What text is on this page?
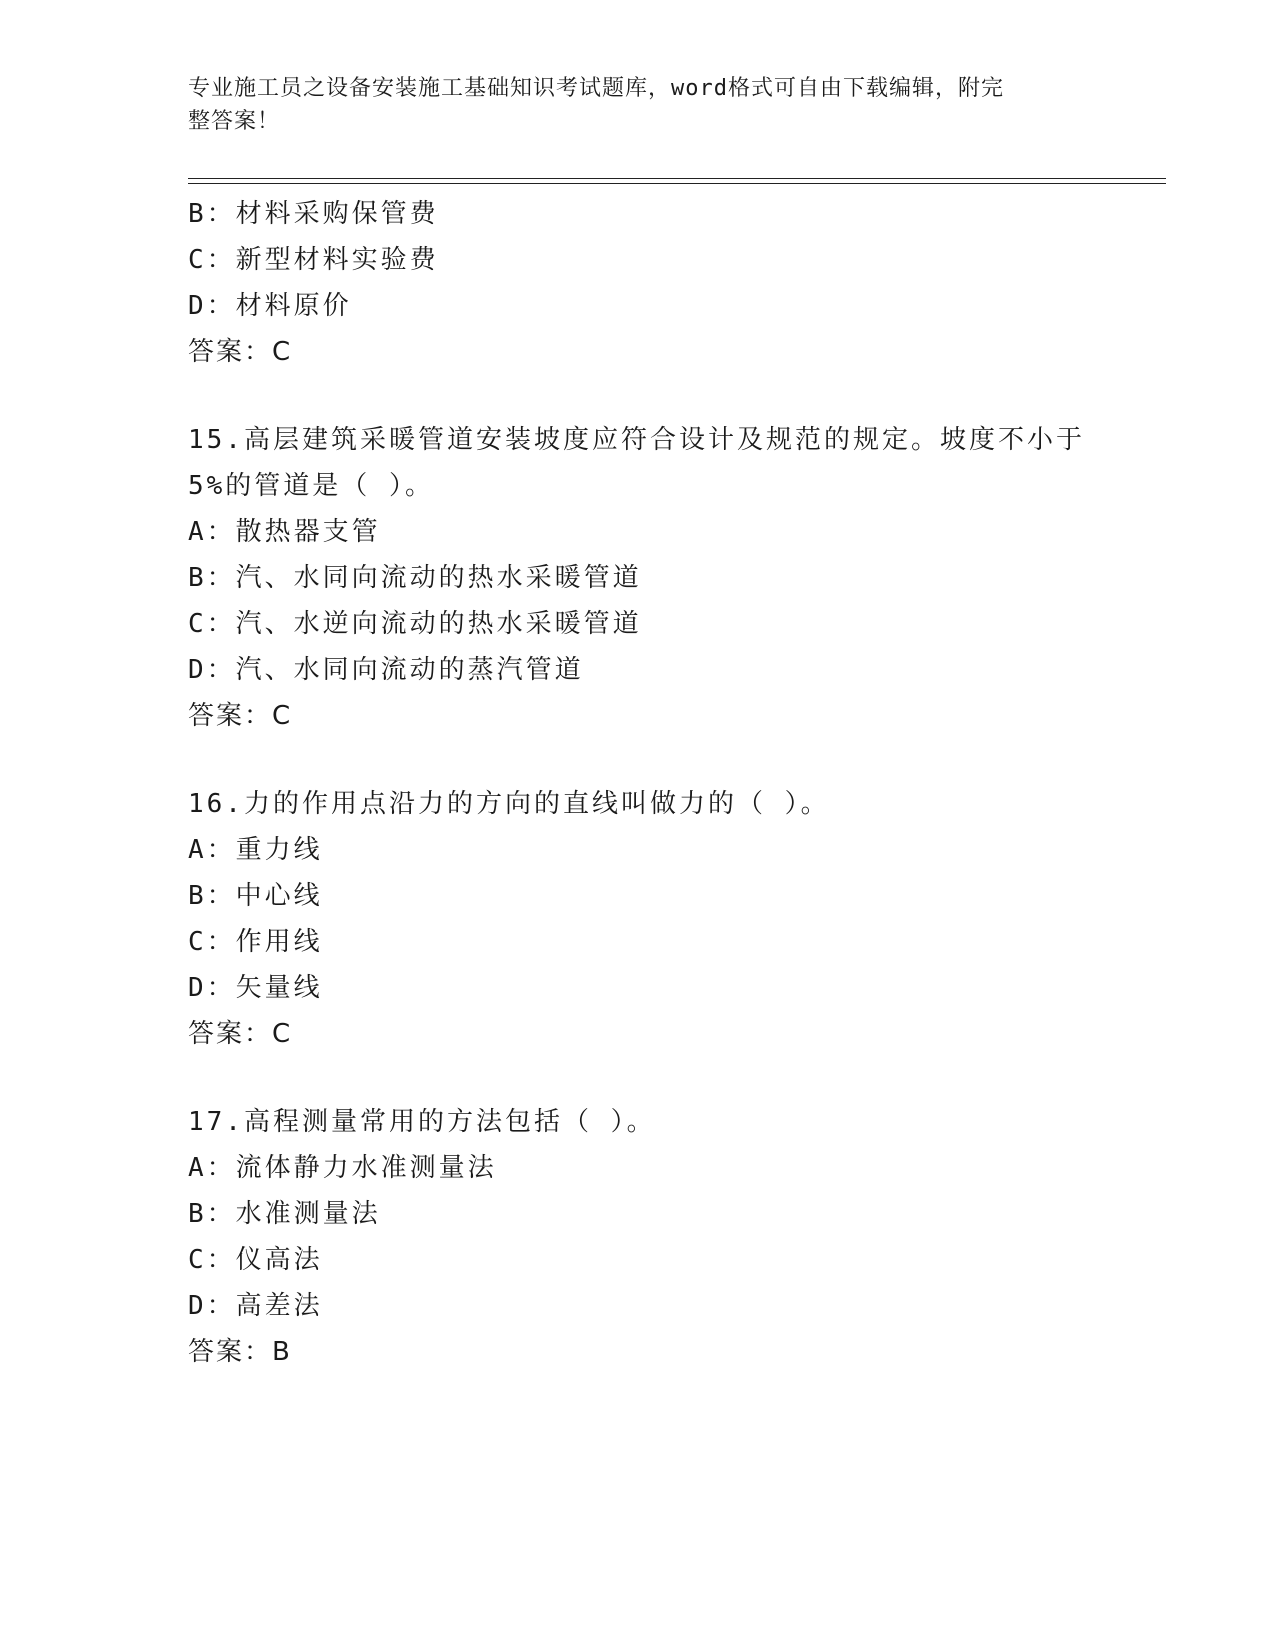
专业施工员之设备安装施工基础知识考试题库，word格式可自由下载编辑，附完
整答案！
B：材料采购保管费
C：新型材料实验费
D：材料原价
答案：C
15.高层建筑采暖管道安装坡度应符合设计及规范的规定。坡度不小于
5%的管道是（ ）。
A：散热器支管
B：汽、水同向流动的热水采暖管道
C：汽、水逆向流动的热水采暖管道
D：汽、水同向流动的蒸汽管道
答案：C
16.力的作用点沿力的方向的直线叫做力的（ ）。
A：重力线
B：中心线
C：作用线
D：矢量线
答案：C
17.高程测量常用的方法包括（ ）。
A：流体静力水准测量法
B：水准测量法
C：仪高法
D：高差法
答案：B
